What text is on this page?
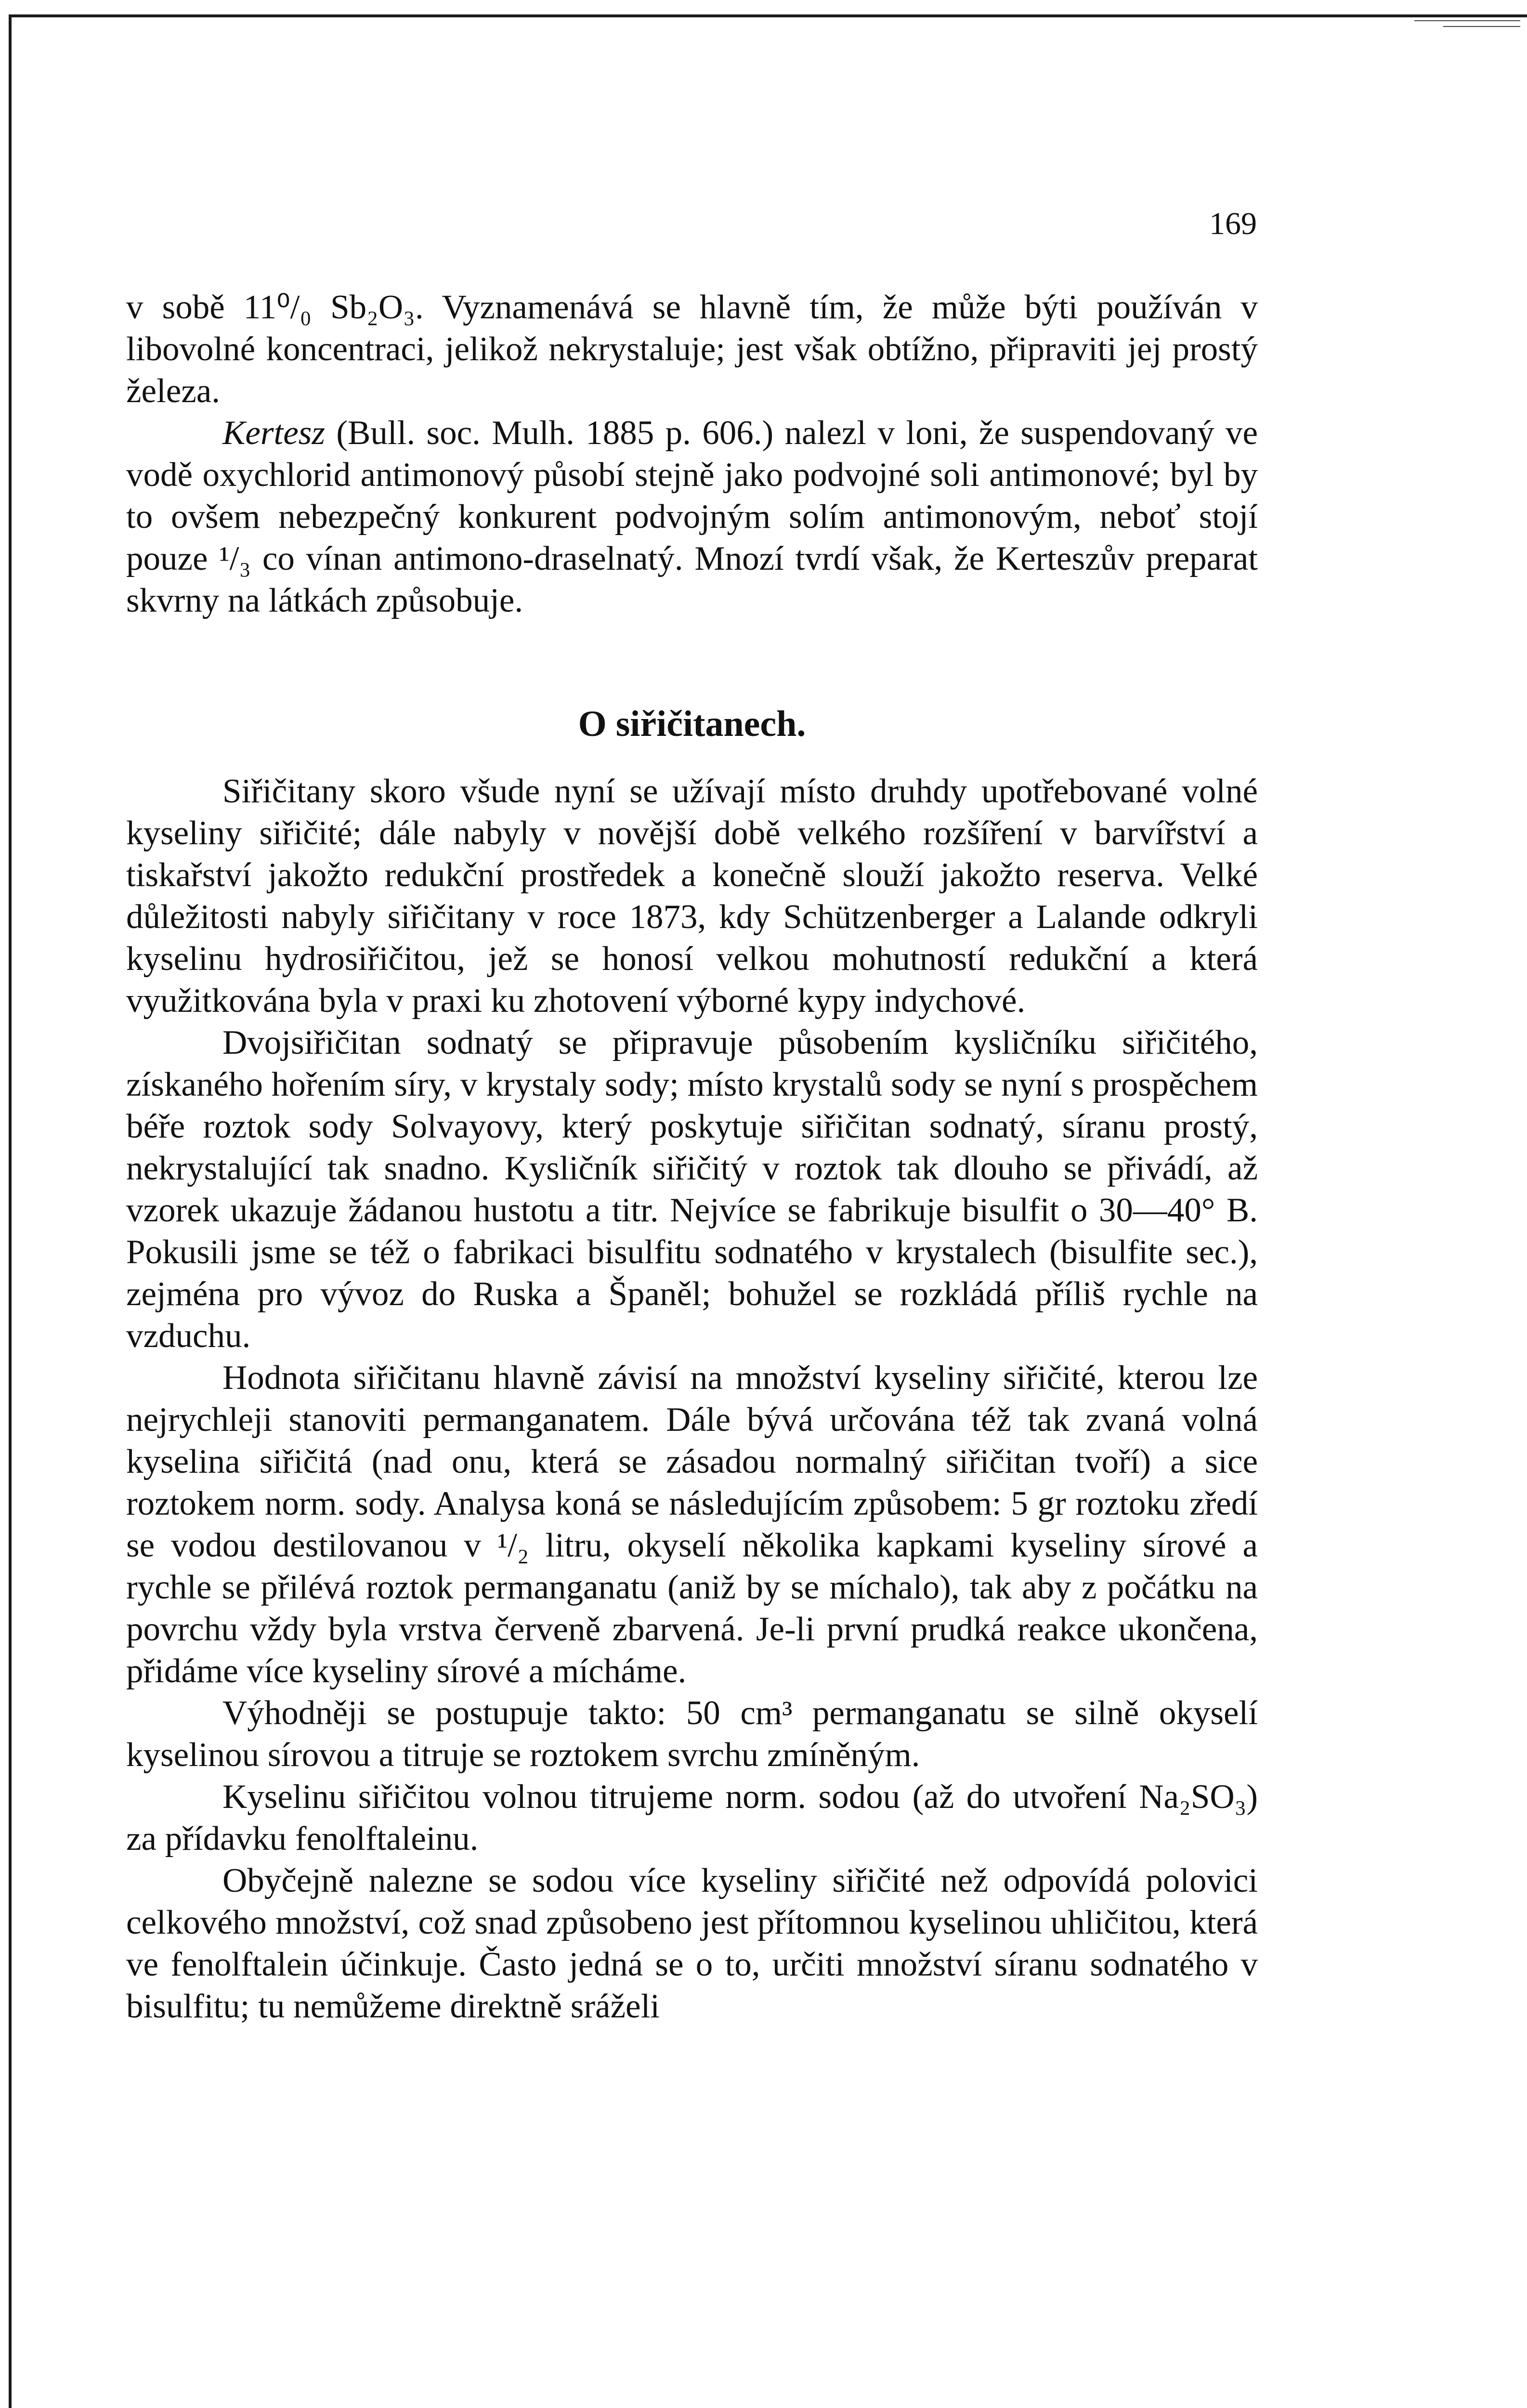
169

v sobě 11⁰/₀ Sb₂O₃. Vyznamenává se hlavně tím, že může býti používán v libovolné koncentraci, jelikož nekrystaluje; jest však obtížno, připraviti jej prostý železa.

Kertesz (Bull. soc. Mulh. 1885 p. 606.) nalezl v loni, že suspendovaný ve vodě oxychlorid antimonový působí stejně jako podvojné soli antimonové; byl by to ovšem nebezpečný konkurent podvojným solím antimonovým, neboť stojí pouze ¹/₃ co vínan antimono-draselnatý. Mnozí tvrdí však, že Kerteszův preparat skvrny na látkách způsobuje.

O siřičitanech.

Siřičitany skoro všude nyní se užívají místo druhdy upotřebované volné kyseliny siřičité; dále nabyly v novější době velkého rozšíření v barvířství a tiskařství jakožto redukční prostředek a konečně slouží jakožto reserva. Velké důležitosti nabyly siřičitany v roce 1873, kdy Schützenberger a Lalande odkryli kyselinu hydrosiřičitou, jež se honosí velkou mohutností redukční a která využitkována byla v praxi ku zhotovení výborné kypy indychové.

Dvojsiřičitan sodnatý se připravuje působením kysličníku siřičitého, získaného hořením síry, v krystaly sody; místo krystalů sody se nyní s prospěchem béře roztok sody Solvayovy, který poskytuje siřičitan sodnatý, síranu prostý, nekrystalující tak snadno. Kysličník siřičitý v roztok tak dlouho se přivádí, až vzorek ukazuje žádanou hustotu a titr. Nejvíce se fabrikuje bisulfit o 30—40° B. Pokusili jsme se též o fabrikaci bisulfitu sodnatého v krystalech (bisulfite sec.), zejména pro vývoz do Ruska a Španěl; bohužel se rozkládá příliš rychle na vzduchu.

Hodnota siřičitanu hlavně závisí na množství kyseliny siřičité, kterou lze nejrychleji stanoviti permanganatem. Dále bývá určována též tak zvaná volná kyselina siřičitá (nad onu, která se zásadou normalný siřičitan tvoří) a sice roztokem norm. sody. Analysa koná se následujícím způsobem: 5 gr roztoku zředí se vodou destilovanou v ¹/₂ litru, okyselí několika kapkami kyseliny sírové a rychle se přilévá roztok permanganatu (aniž by se míchalo), tak aby z počátku na povrchu vždy byla vrstva červeně zbarvená. Je-li první prudká reakce ukončena, přidáme více kyseliny sírové a mícháme.

Výhodněji se postupuje takto: 50 cm³ permanganatu se silně okyselí kyselinou sírovou a titruje se roztokem svrchu zmíněným.

Kyselinu siřičitou volnou titrujeme norm. sodou (až do utvoření Na₂SO₃) za přídavku fenolftaleinu.

Obyčejně nalezne se sodou více kyseliny siřičité než odpovídá polovici celkového množství, což snad způsobeno jest přítomnou kyselinou uhličitou, která ve fenolftalein účinkuje. Často jedná se o to, určiti množství síranu sodnatého v bisulfitu; tu nemůžeme direktně sráželi
